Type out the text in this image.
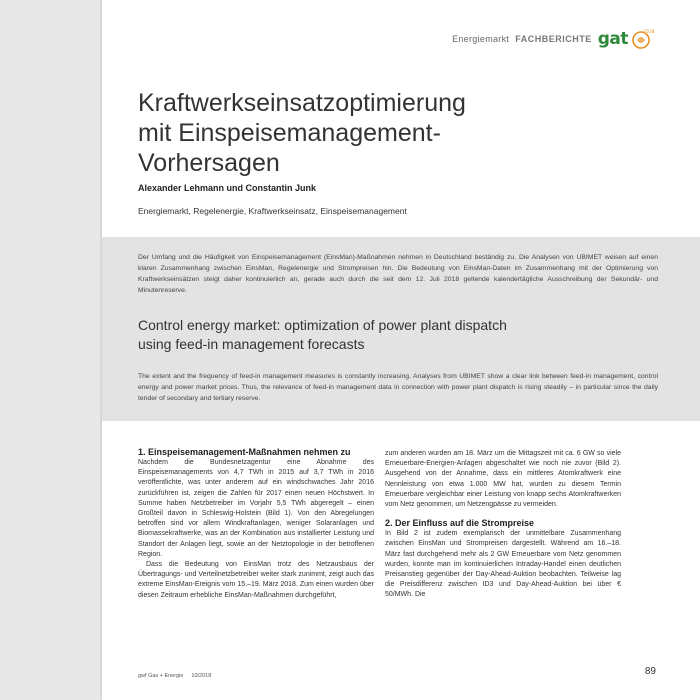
Energiemarkt FACHBERICHTE gat	2018
Kraftwerkseinsatzoptimierung
mit Einspeisemanagement-
Vorhersagen
Alexander Lehmann und Constantin Junk
Energiemarkt, Regelenergie, Kraftwerkseinsatz, Einspeisemanagement

Der Umfang und die Häufigkeit von Einspeisemanagement (EinsMan)-Maßnahmen nehmen in Deutschland beständig zu. Die Analysen von UBIMET weisen auf einen klaren Zusammenhang zwischen EinsMan, Regelenergie und Strompreisen hin. Die Bedeutung von EinsMan-Daten im Zusammenhang mit der Optimierung von Kraftwerkseinsätzen steigt daher kontinuierlich an, gerade auch durch die seit dem 12. Juli 2018 geltende kalendertägliche Ausschreibung der Sekundär- und Minutenreserve.

Control energy market: optimization of power plant dispatch
using feed-in management forecasts

The extent and the frequency of feed-in management measures is constantly increasing. Analyses from UBIMET show a clear link between feed-in management, control energy and power market prices. Thus, the relevance of feed-in management data in connection with power plant dispatch is rising steadily – in particular since the daily tender of secondary and tertiary reserve.

1. Einspeisemanagement-Maßnahmen nehmen zu

Nachdem die Bundesnetzagentur eine Abnahme des Einspeisemanagements von 4,7 TWh in 2015 auf 3,7 TWh in 2016 veröffentlichte, was unter anderem auf ein windschwaches Jahr 2016 zurückführen ist, zeigen die Zahlen für 2017 einen neuen Höchstwert. In Summe haben Netzbetreiber im Vorjahr 5,5 TWh abgeregelt – einen Großteil davon in Schleswig-Holstein (Bild 1). Von den Abregelungen betroffen sind vor allem Windkraftanlagen, weniger Solaranlagen und Biomassekraftwerke, was an der Kombination aus installierter Leistung und Standort der Anlagen liegt, sowie an der Netztopologie in der betroffenen Region.

Dass die Bedeutung von EinsMan trotz des Netzausbaus der Übertragungs- und Verteilnetzbetreiber weiter stark zunimmt, zeigt auch das extreme EinsMan-Ereignis vom 15.–19. März 2018. Zum einen wurden über diesen Zeitraum erhebliche EinsMan-Maßnahmen durchgeführt,

zum anderen wurden am 18. März um die Mittagszeit mit ca. 6 GW so viele Erneuerbare-Energien-Anlagen abgeschaltet wie noch nie zuvor (Bild 2). Ausgehend von der Annahme, dass ein mittleres Atomkraftwerk eine Nennleistung von etwa 1.000 MW hat, wurden zu diesem Termin Erneuerbare vergleichbar einer Leistung von knapp sechs Atomkraftwerken vom Netz genommen, um Netzengpässe zu vermeiden.

2. Der Einfluss auf die Strompreise

In Bild 2 ist zudem exemplarisch der unmittelbare Zusammenhang zwischen EinsMan und Strompreisen dargestellt. Während am 16.–18. März fast durchgehend mehr als 2 GW Erneuerbare vom Netz genommen wurden, konnte man im kontinuierlichen Intraday-Handel einen deutlichen Preisanstieg gegenüber der Day-Ahead-Auktion beobachten. Teilweise lag die Preisdifferenz zwischen ID3 und Day-Ahead-Auktion bei über € 50/MWh. Die

gwf Gas + Energie 10/2018	89
